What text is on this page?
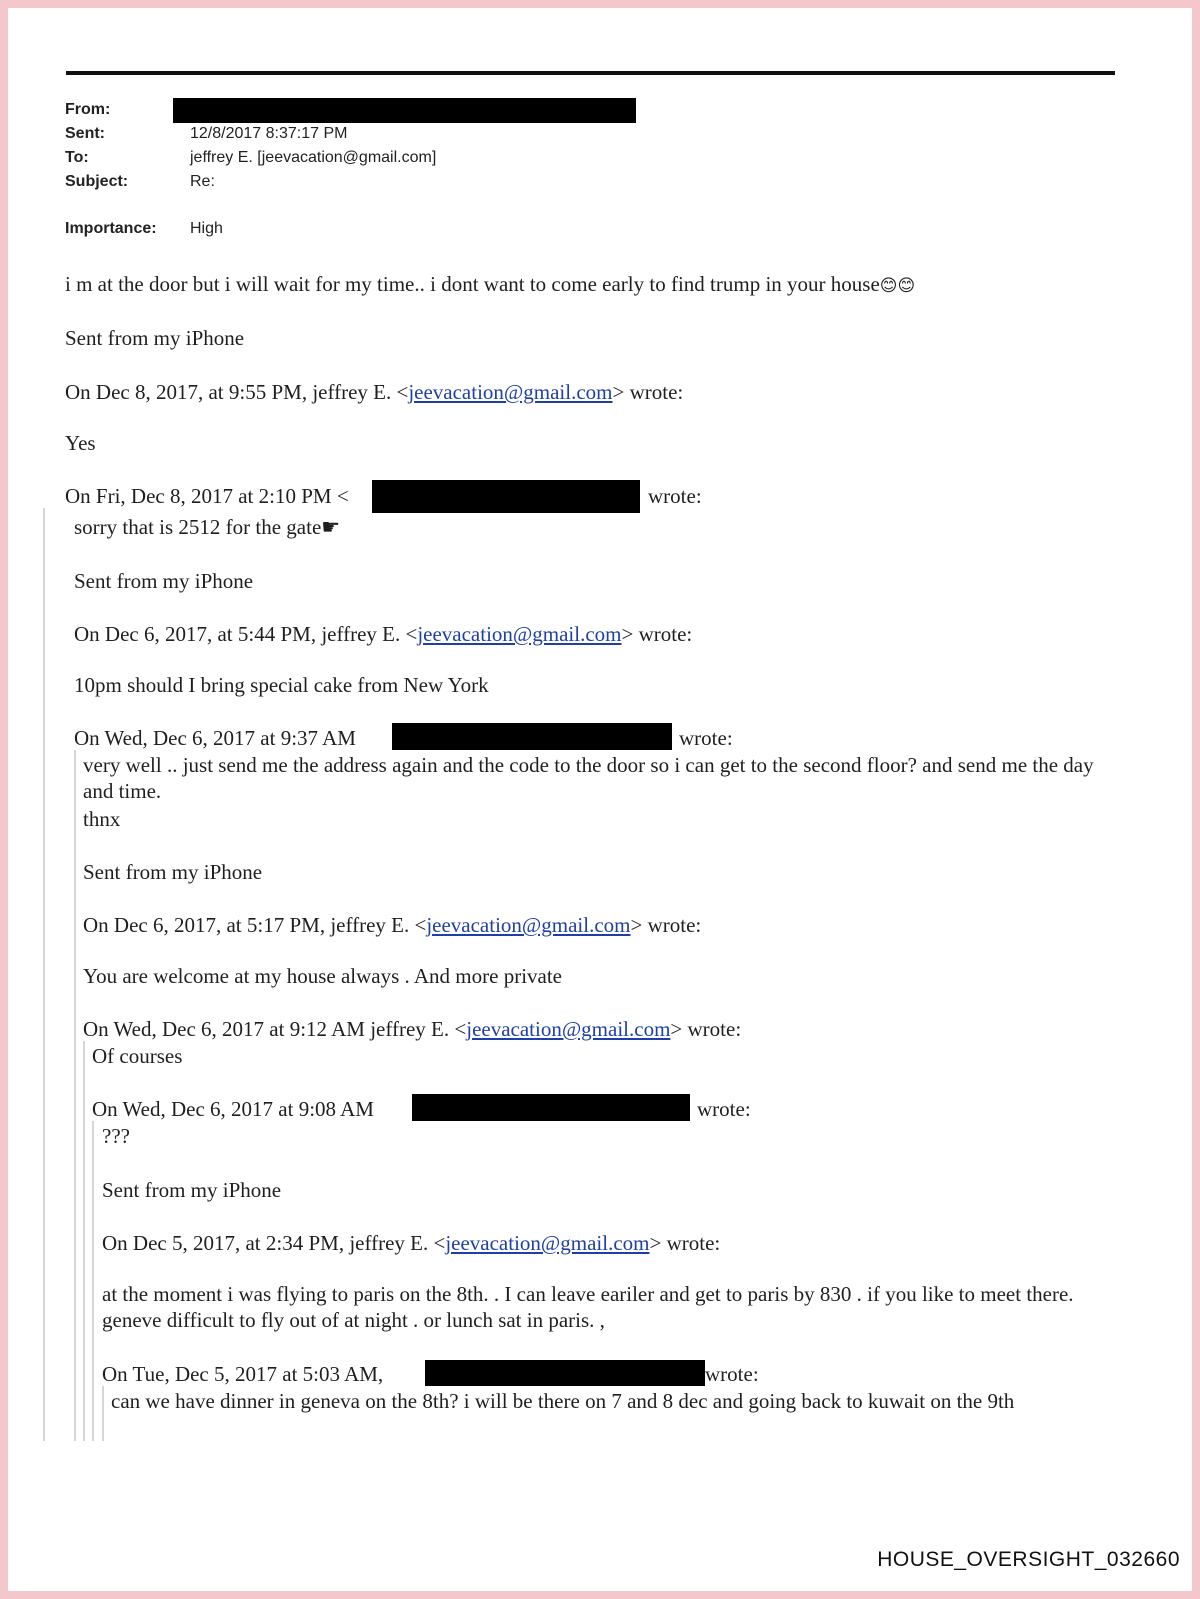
From:
Sent:	12/8/2017 8:37:17 PM
To:	jeffrey E. [jeevacation@gmail.com]
Subject:	Re:
Importance: High
i m at the door but i will wait for my time.. i dont want to come early to find trump in your house😊😊
Sent from my iPhone
On Dec 8, 2017, at 9:55 PM, jeffrey E. <jeevacation@gmail.com> wrote:
Yes
On Fri, Dec 8, 2017 at 2:10 PM <	wrote:
sorry that is 2512 for the gate☛
Sent from my iPhone
On Dec 6, 2017, at 5:44 PM, jeffrey E. <jeevacation@gmail.com> wrote:
10pm should I bring special cake from New York
On Wed, Dec 6, 2017 at 9:37 AM	wrote:
very well .. just send me the address again and the code to the door so i can get to the second floor? and send me the day and time.
thnx
Sent from my iPhone
On Dec 6, 2017, at 5:17 PM, jeffrey E. <jeevacation@gmail.com> wrote:
You are welcome at my house always . And more private
On Wed, Dec 6, 2017 at 9:12 AM jeffrey E. <jeevacation@gmail.com> wrote:
Of courses
On Wed, Dec 6, 2017 at 9:08 AM	wrote:
???
Sent from my iPhone
On Dec 5, 2017, at 2:34 PM, jeffrey E. <jeevacation@gmail.com> wrote:
at the moment i was flying to paris on the 8th. . I can leave eariler and get to paris by 830 . if you like to meet there. geneve difficult to fly out of at night . or lunch sat in paris. ,
On Tue, Dec 5, 2017 at 5:03 AM,	wrote:
can we have dinner in geneva on the 8th? i will be there on 7 and 8 dec and going back to kuwait on the 9th
HOUSE_OVERSIGHT_032660
